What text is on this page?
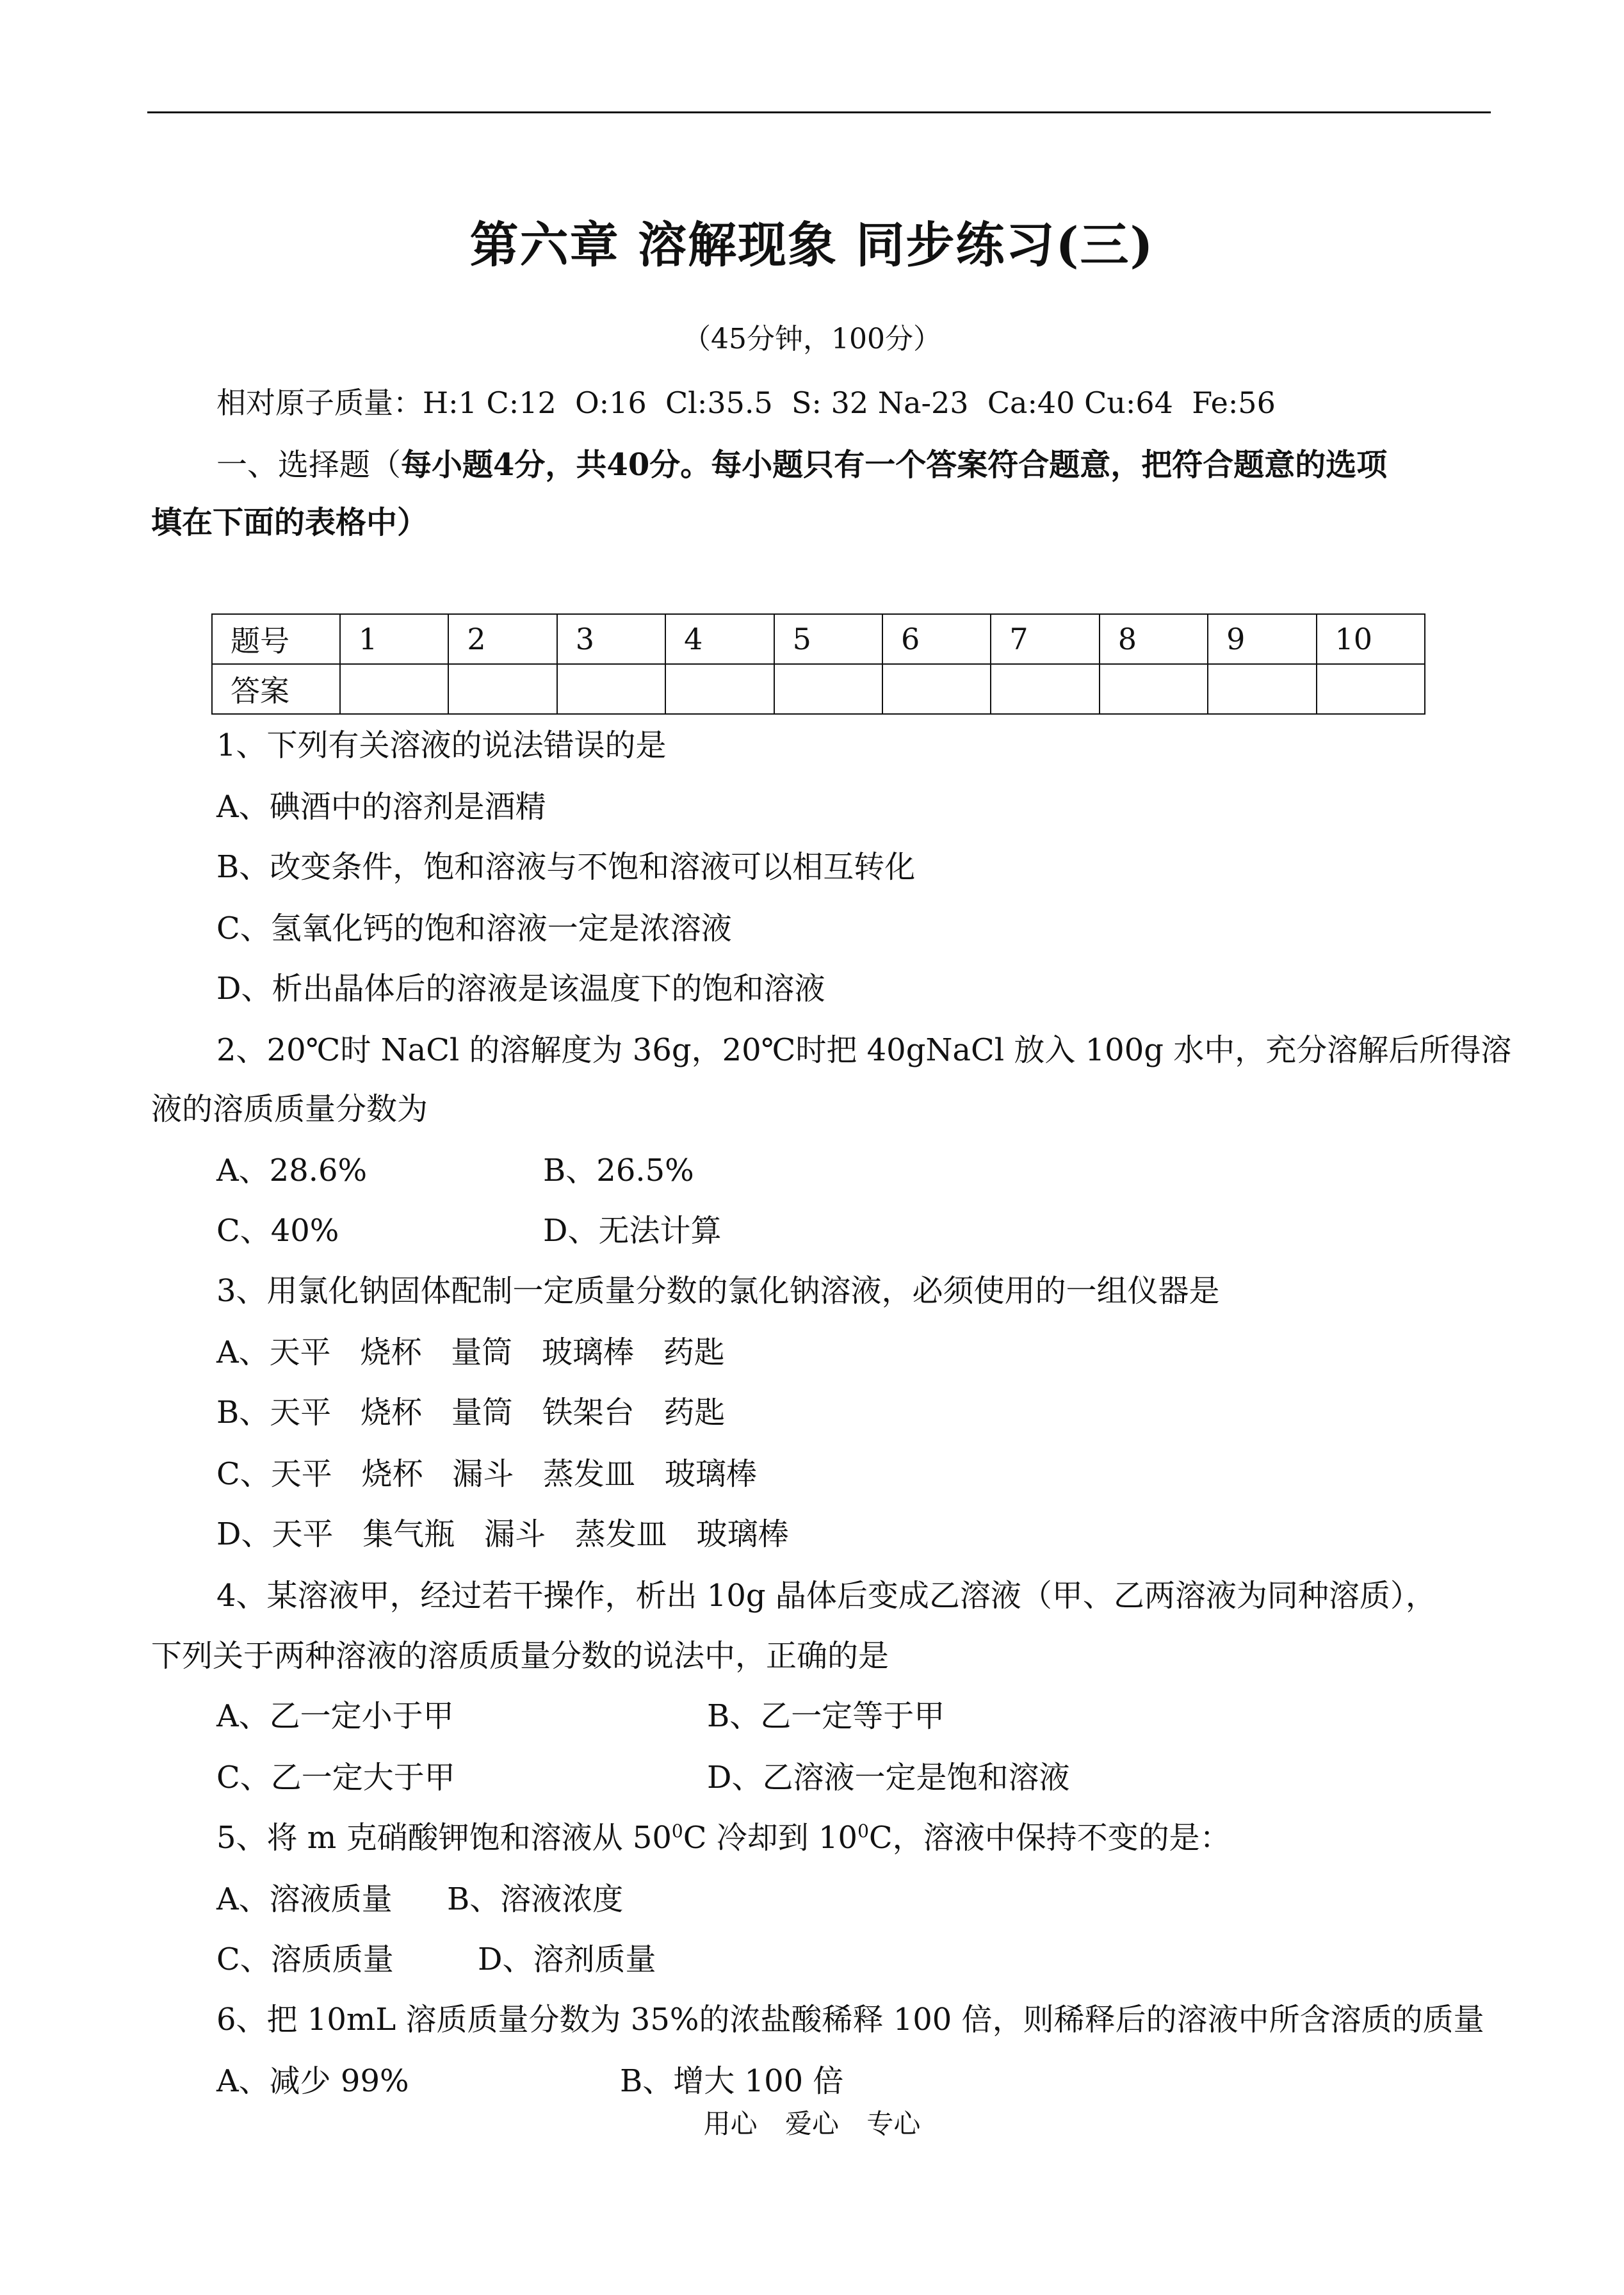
第六章 溶解现象 同步练习(三)
（45分钟，100分）
相对原子质量：H:1 C:12  O:16  Cl:35.5  S: 32 Na-23  Ca:40 Cu:64  Fe:56
一、选择题（每小题4分，共40分。每小题只有一个答案符合题意，把符合题意的选项
填在下面的表格中）
题号	1	2	3	4	5	6	7	8	9	10
答案										
1、下列有关溶液的说法错误的是
A、碘酒中的溶剂是酒精
B、改变条件，饱和溶液与不饱和溶液可以相互转化
C、氢氧化钙的饱和溶液一定是浓溶液
D、析出晶体后的溶液是该温度下的饱和溶液
2、20℃时 NaCl 的溶解度为 36g，20℃时把 40gNaCl 放入 100g 水中，充分溶解后所得溶
液的溶质质量分数为
A、28.6%	B、26.5%
C、40%	D、无法计算
3、用氯化钠固体配制一定质量分数的氯化钠溶液，必须使用的一组仪器是
A、天平   烧杯   量筒   玻璃棒   药匙
B、天平   烧杯   量筒   铁架台   药匙
C、天平   烧杯   漏斗   蒸发皿   玻璃棒
D、天平   集气瓶   漏斗   蒸发皿   玻璃棒
4、某溶液甲，经过若干操作，析出 10g 晶体后变成乙溶液（甲、乙两溶液为同种溶质），
下列关于两种溶液的溶质质量分数的说法中，正确的是
A、乙一定小于甲	B、乙一定等于甲
C、乙一定大于甲	D、乙溶液一定是饱和溶液
5、将 m 克硝酸钾饱和溶液从 $50^0C$ 冷却到 $10^0C$，溶液中保持不变的是：
A、溶液质量 B、溶液浓度
C、溶质质量	D、溶剂质量
6、把 10mL 溶质质量分数为 35%的浓盐酸稀释 100 倍，则稀释后的溶液中所含溶质的质量
A、减少 99%	B、增大 100 倍
用心 爱心 专心
